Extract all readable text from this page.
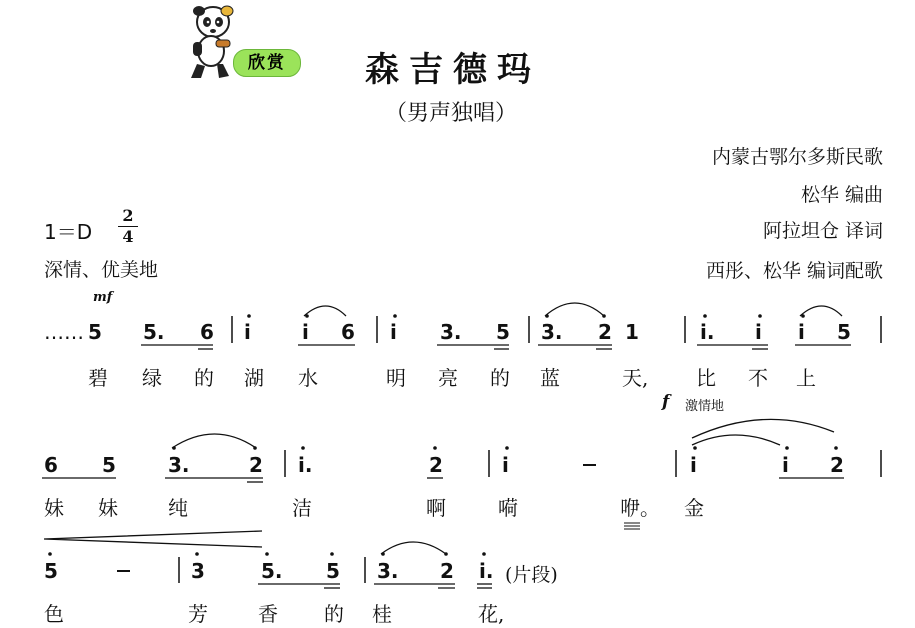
欣赏	森吉德玛
（男声独唱）
内蒙古鄂尔多斯民歌
松华 编曲
阿拉坦仓 译词
西彤、松华 编词配歌
1＝D
2
4
深情、优美地
mf
f 激情地
…… 5 5. 6 i	i 6 i 3. 5 3. 2 1	i. i i 5
6 5	3.	2 i.	2	i	i	i 2
5	3	5. 5 3. 2 i.
碧 绿 的 湖 水	明 亮 的 蓝	天, 比 不 上
妹 妹	纯	洁	啊	嗬	咿。 金
色	芳	香 的 桂	花,
(片段)
